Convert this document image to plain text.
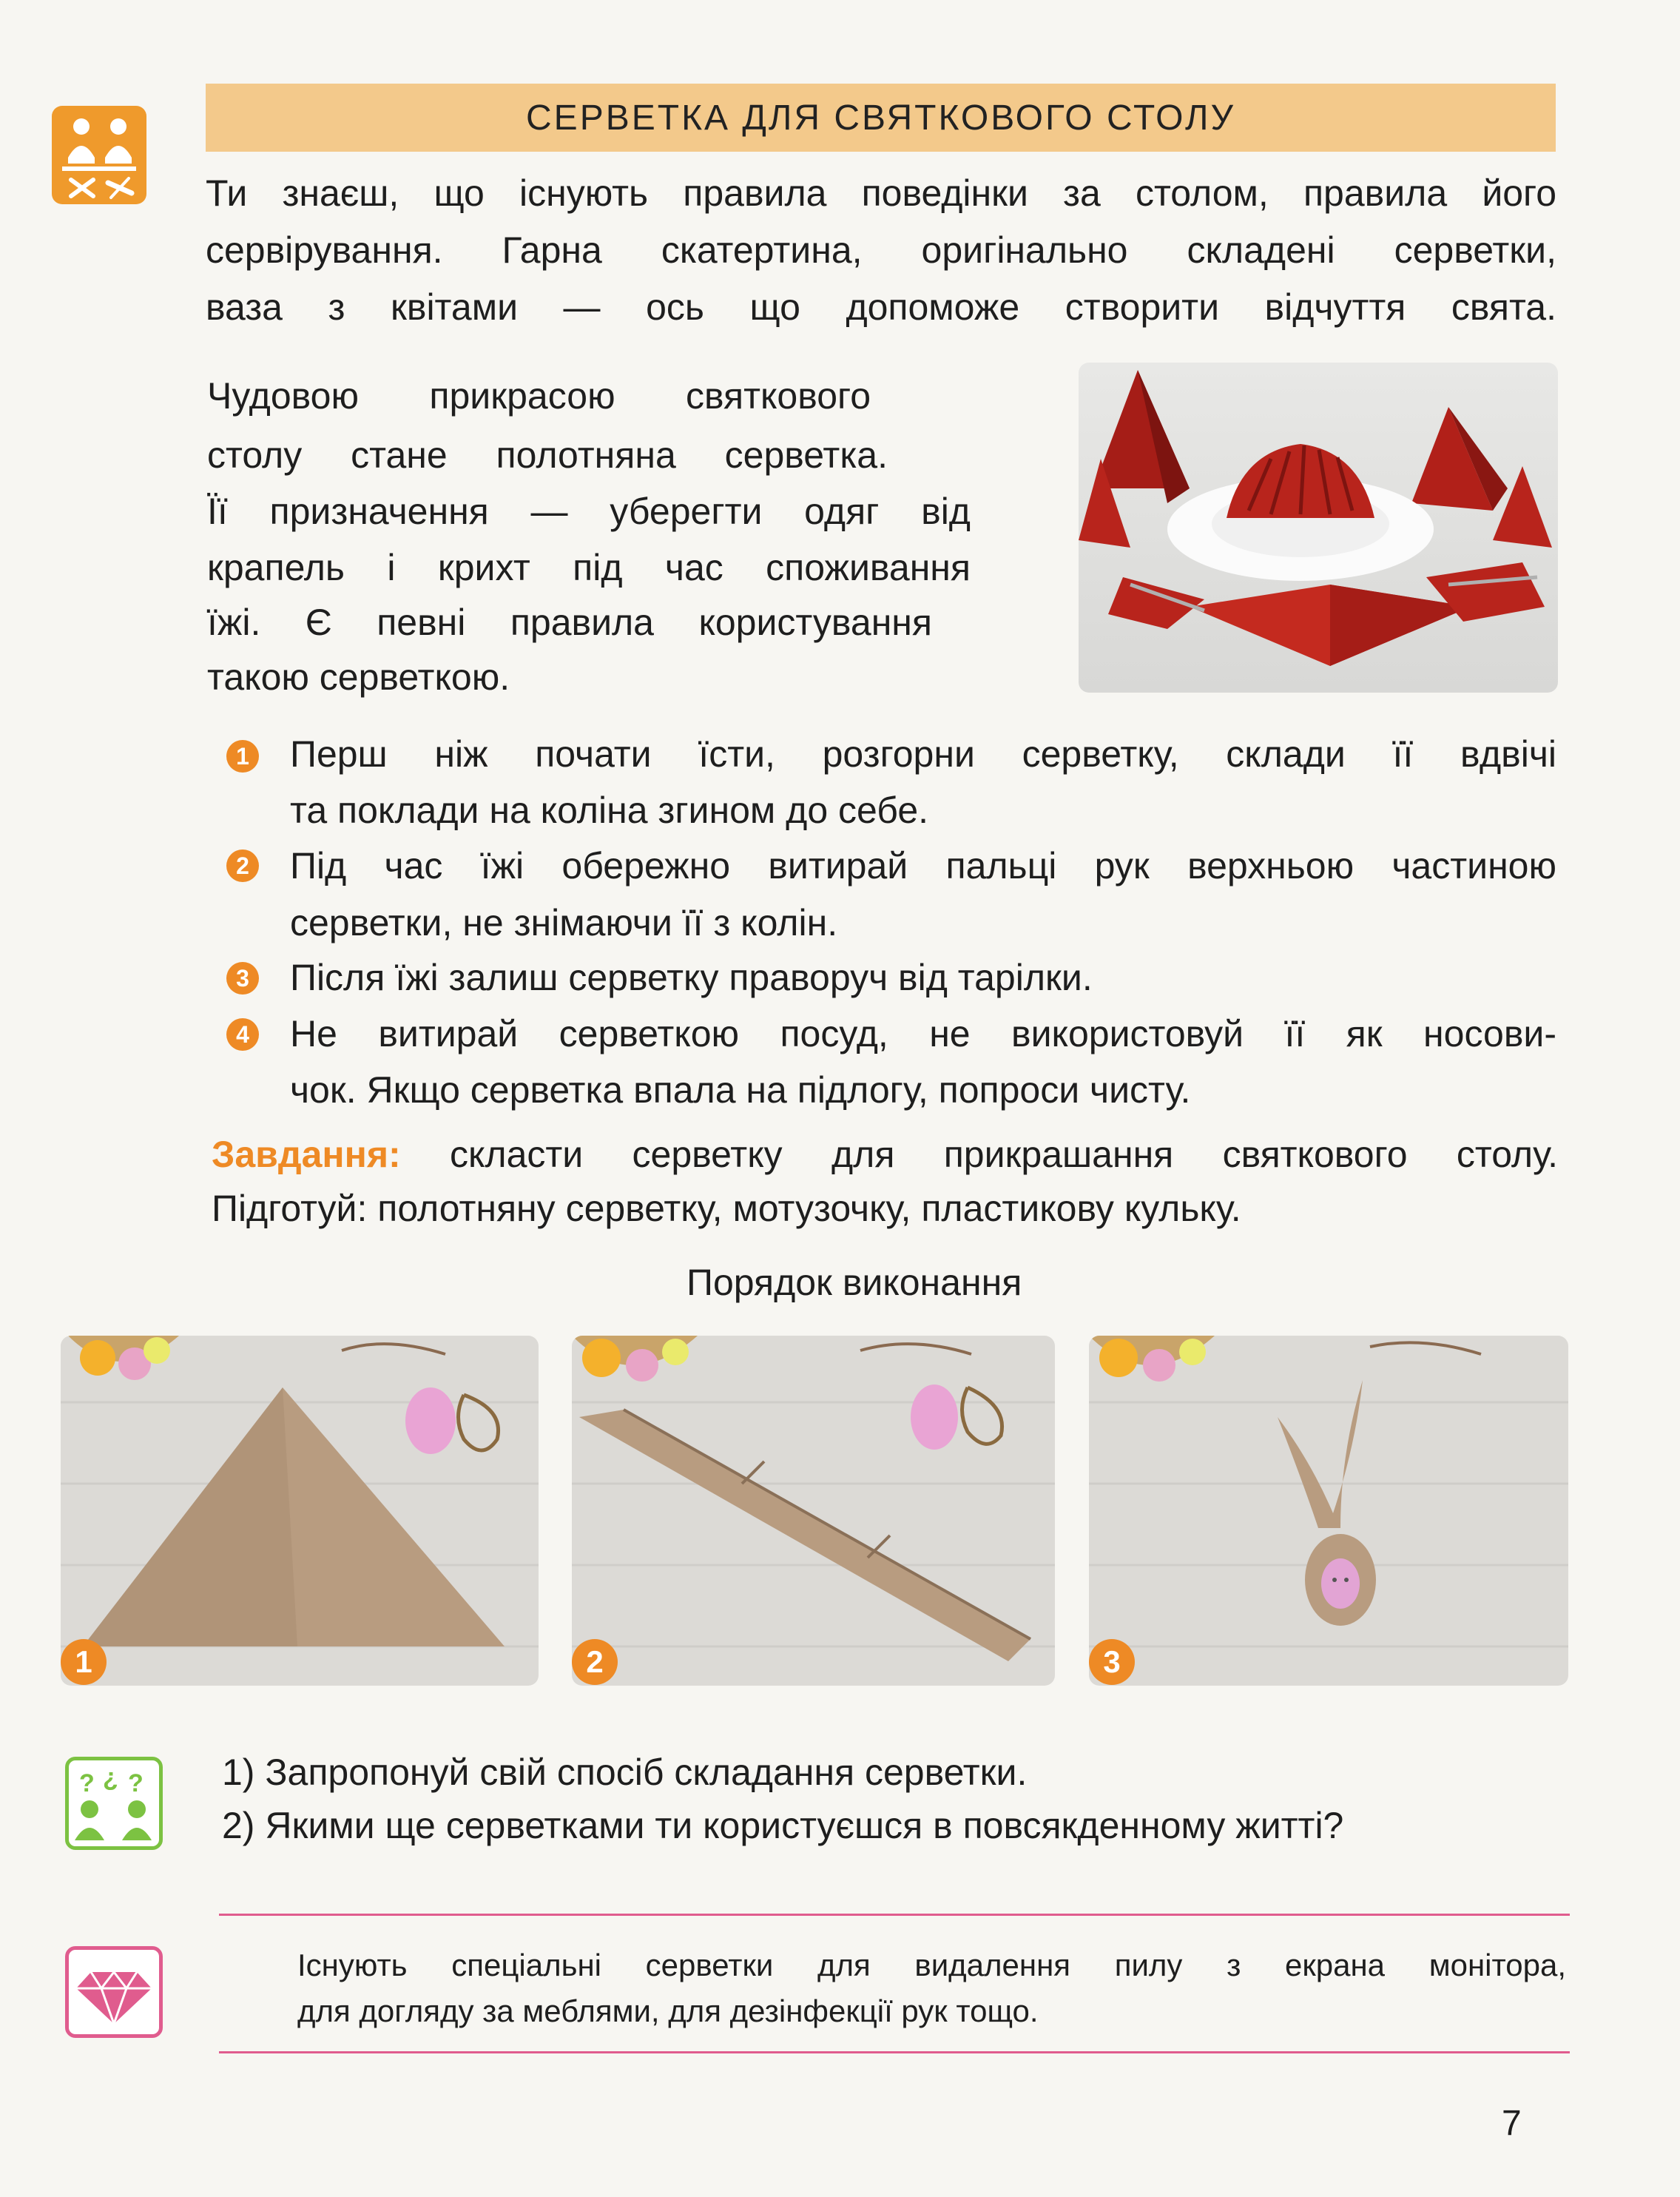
СЕРВЕТКА ДЛЯ СВЯТКОВОГО СТОЛУ
Ти знаєш, що існують правила поведінки за столом, правила його
сервірування. Гарна скатертина, оригінально складені серветки,
ваза з квітами — ось що допоможе створити відчуття свята.
Чудовою прикрасою святкового
столу стане полотняна серветка.
Її призначення — уберегти одяг від
крапель і крихт під час споживання
їжі. Є певні правила користування
такою серветкою.
1 Перш ніж почати їсти, розгорни серветку, склади її вдвічі
та поклади на коліна згином до себе.
2 Під час їжі обережно витирай пальці рук верхньою частиною
серветки, не знімаючи її з колін.
3 Після їжі залиш серветку праворуч від тарілки.
4 Не витирай серветкою посуд, не використовуй її як носови-
чок. Якщо серветка впала на підлогу, попроси чисту.
Завдання: скласти серветку для прикрашання святкового столу.
Підготуй: полотняну серветку, мотузочку, пластикову кульку.
Порядок виконання
1	2	3
? ¿ ? 1) Запропонуй свій спосіб складання серветки.
2) Якими ще серветками ти користуєшся в повсякденному житті?
Існують спеціальні серветки для видалення пилу з екрана монітора,
для догляду за меблями, для дезінфекції рук тощо.
7
